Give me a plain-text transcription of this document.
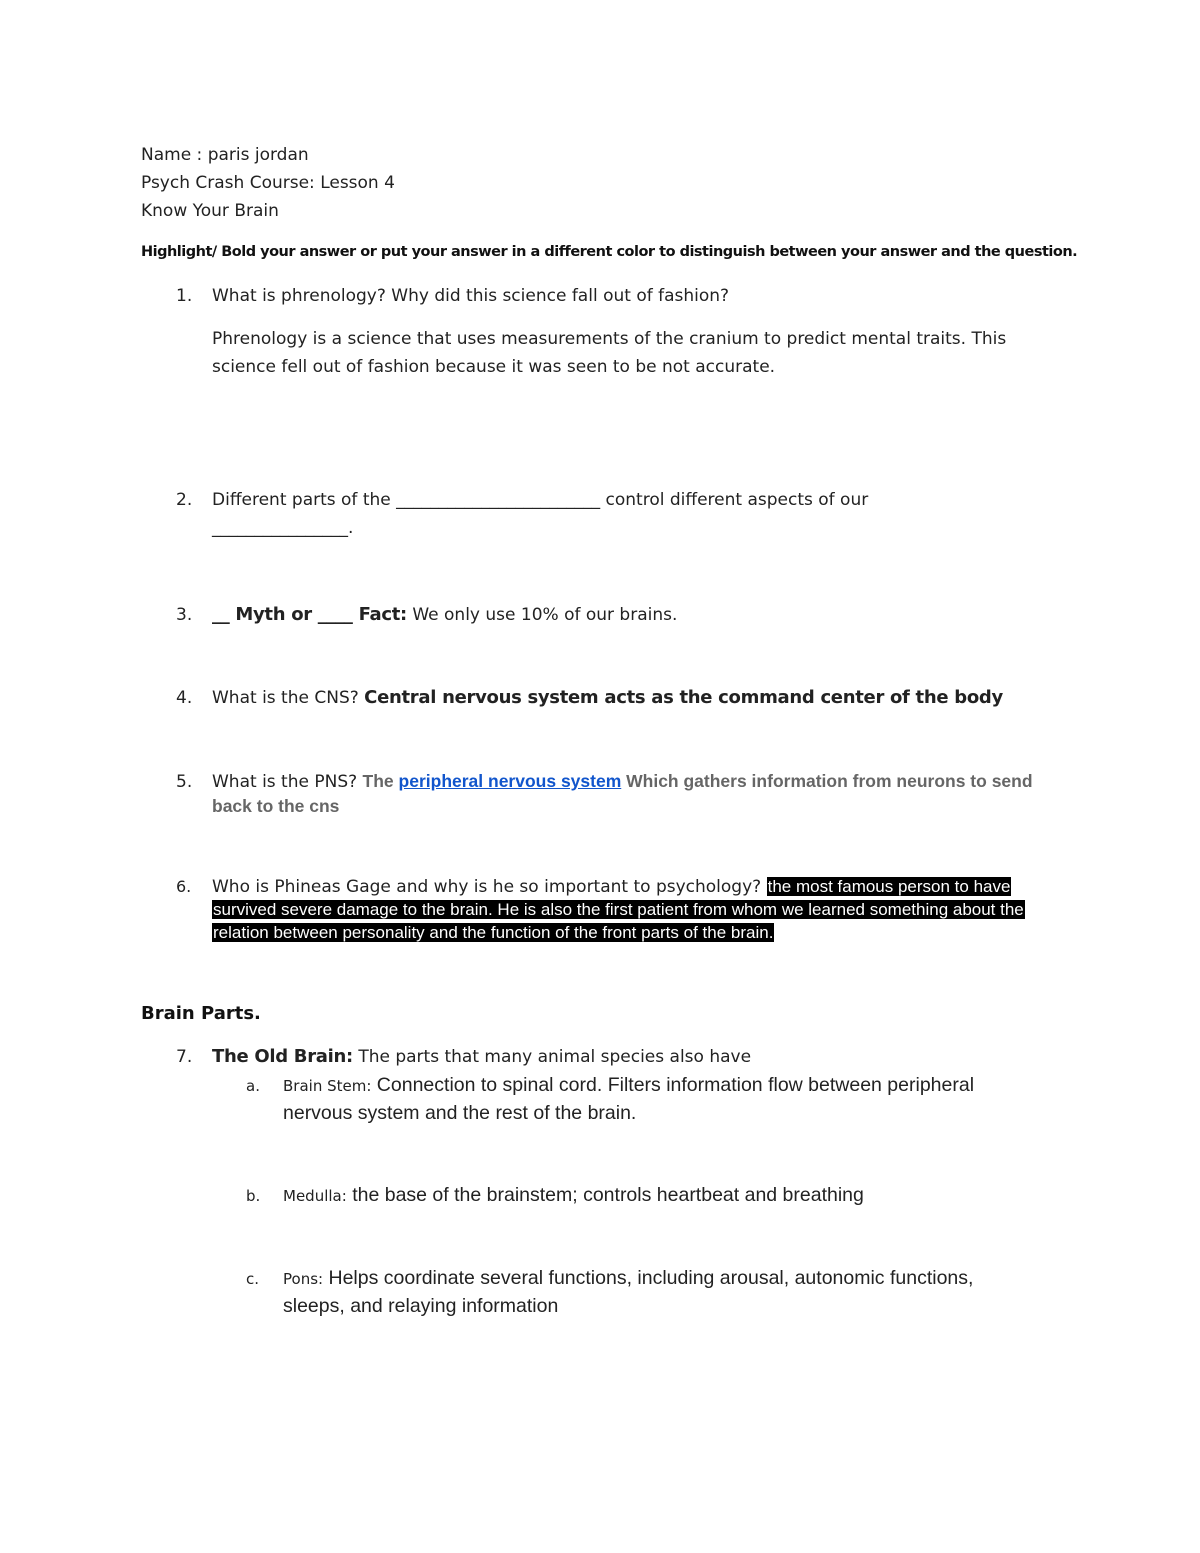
Name : paris jordan
Psych Crash Course: Lesson 4
Know Your Brain
Highlight/ Bold your answer or put your answer in a different color to distinguish between your answer and the question.
1. What is phrenology? Why did this science fall out of fashion?
Phrenology is a science that uses measurements of the cranium to predict mental traits. This
science fell out of fashion because it was seen to be not accurate.
2. Different parts of the ________________________ control different aspects of our
________________.
3. __ Myth or ____ Fact: We only use 10% of our brains.
4. What is the CNS? Central nervous system acts as the command center of the body
5. What is the PNS? The peripheral nervous system Which gathers information from neurons to send
back to the cns
6. Who is Phineas Gage and why is he so important to psychology? the most famous person to have
survived severe damage to the brain. He is also the first patient from whom we learned something about the
relation between personality and the function of the front parts of the brain.
Brain Parts.
7. The Old Brain: The parts that many animal species also have
a. Brain Stem: Connection to spinal cord. Filters information flow between peripheral
nervous system and the rest of the brain.
b. Medulla: the base of the brainstem; controls heartbeat and breathing
c. Pons: Helps coordinate several functions, including arousal, autonomic functions,
sleeps, and relaying information
